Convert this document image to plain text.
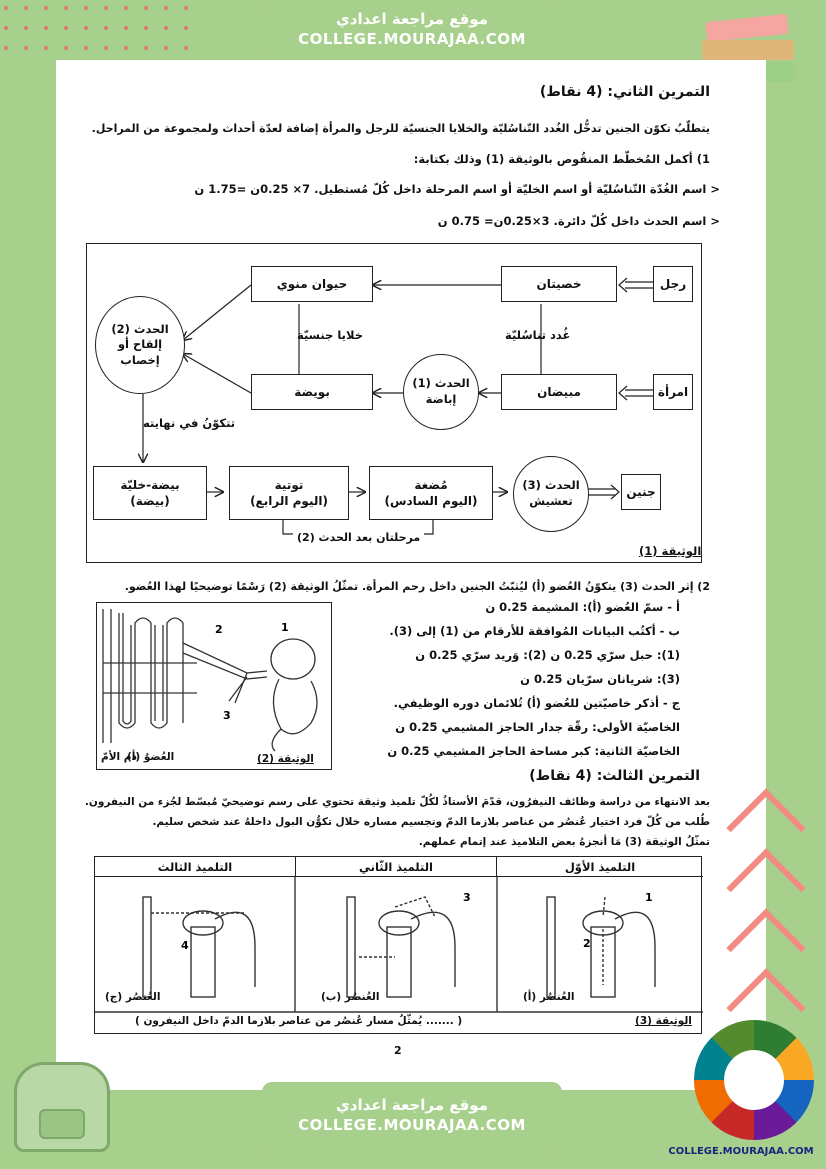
موقع مراجعة اعدادي
COLLEGE.MOURAJAA.COM
التمرين الثاني: (4 نقاط)
يتطلّبُ تكوّن الجنين تدخُّل الغُدد التّناسُليّة والخلايا الجنسيّة للرجل والمرأة إضافة لعدّة أحداث ولمجموعة من المراحل.
1) أكمل المُخطّط المنقُوص بالوثيقة (1) وذلك بكتابة:
< اسم الغُدّة التّناسُليّة أو اسم الخليّة أو اسم المرحلة داخل كُلّ مُستطيل. 7× 0.25ن =1.75 ن
< اسم الحدث داخل كُلّ دائرة. 3×0.25ن= 0.75 ن
رجل
امرأة
خصيتان
مبيضان
حيوان منوي
بويضة
خلايا جنسيّة	غُدد تناسُليّة
الحدث (1)
إباضة
الحدث (2)
إلقاح أو
إخصاب
تتكوّنُ في نهايته
بيضة-خليّة
(بيضة)
توتية
(اليوم الرابع)
مُضغة
(اليوم السادس)
الحدث (3)
تعشيش
جنين
مرحلتان بعد الحدث (2)
الوثيقة (1)
2) إثر الحدث (3) يتكوّنُ العُضو (أ) ليُثبّتُ الجنين داخل رحم المرأة. تمثّلُ الوثيقة (2) رَسْمًا توضيحيًا لهذا العُضو.
أ - سمّ العُضو (أ): المشيمة 0.25 ن
ب - أكتُب البيانات المُوافقة للأرقام من (1) إلى (3).
(1): حبل سرّي 0.25 ن (2): وَريد سرّي 0.25 ن
(3): شريانان سرّيان 0.25 ن
ج - أذكر خاصيّتين للعُضو (أ) تُلائمان دوره الوظيفي.
الخاصيّة الأولى: رقّة جدار الحاجز المشيمي 0.25 ن
الخاصيّة الثانية: كبر مساحة الحاجز المشيمي 0.25 ن
1
2
3
العُضوُ (أ)
دم الأمّ	الوثيقة (2)
التمرين الثالث: (4 نقاط)
بعد الانتهاء من دراسة وظائف النيفرُون، قدّمَ الأستاذُ لكُلّ تلميذ وثيقة تحتوي على رسم توضيحيّ مُبسّط لجُزء من النيفرون.
طُلب من كُلّ فرد اختيار عُنصُر من عناصر بلازما الدمّ وتجسيم مساره خلال تكوُّن البول داخلهُ عند شخص سليم.
تمثّلُ الوثيقة (3) مَا أنجزهُ بعض التلاميذ عند إتمام عملهم.
التلميذ الأوّل
التلميذ الثّاني
التلميذ الثالث
1
2
3
4
العُنصُر (أ)
العُنصُر (ب)
العُنصُر (ج)
( ....... يُمثّلُ مسار عُنصُر من عناصر بلازما الدمّ داخل النيفرون )	الوثيقة (3)
2
موقع مراجعة اعدادي
COLLEGE.MOURAJAA.COM
COLLEGE.MOURAJAA.COM
